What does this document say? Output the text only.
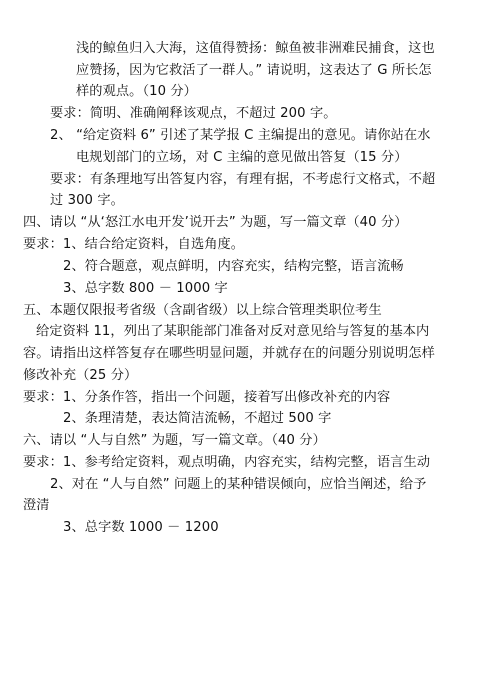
浅的鲸鱼归入大海，这值得赞扬：鲸鱼被非洲难民捕食，这也
应赞扬，因为它救活了一群人。” 请说明，这表达了 G 所长怎
样的观点。（10 分）
要求：简明、准确阐释该观点，不超过 200 字。
2、 “给定资料 6” 引述了某学报 C 主编提出的意见。请你站在水
电规划部门的立场，对 C 主编的意见做出答复（15 分）
要求：有条理地写出答复内容，有理有据，不考虑行文格式，不超
过 300 字。
四、请以 “从‘怒江水电开发’说开去” 为题，写一篇文章（40 分）
要求：1、结合给定资料，自选角度。
2、符合题意，观点鲜明，内容充实，结构完整，语言流畅
3、总字数 800 － 1000 字
五、本题仅限报考省级（含副省级）以上综合管理类职位考生
给定资料 11，列出了某职能部门准备对反对意见给与答复的基本内
容。请指出这样答复存在哪些明显问题，并就存在的问题分别说明怎样
修改补充（25 分）
要求：1、分条作答，指出一个问题，接着写出修改补充的内容
2、条理清楚，表达简洁流畅，不超过 500 字
六、请以 “人与自然” 为题，写一篇文章。（40 分）
要求：1、参考给定资料，观点明确，内容充实，结构完整，语言生动
2、对在 “人与自然” 问题上的某种错误倾向，应恰当阐述，给予
澄清
3、总字数 1000 － 1200
